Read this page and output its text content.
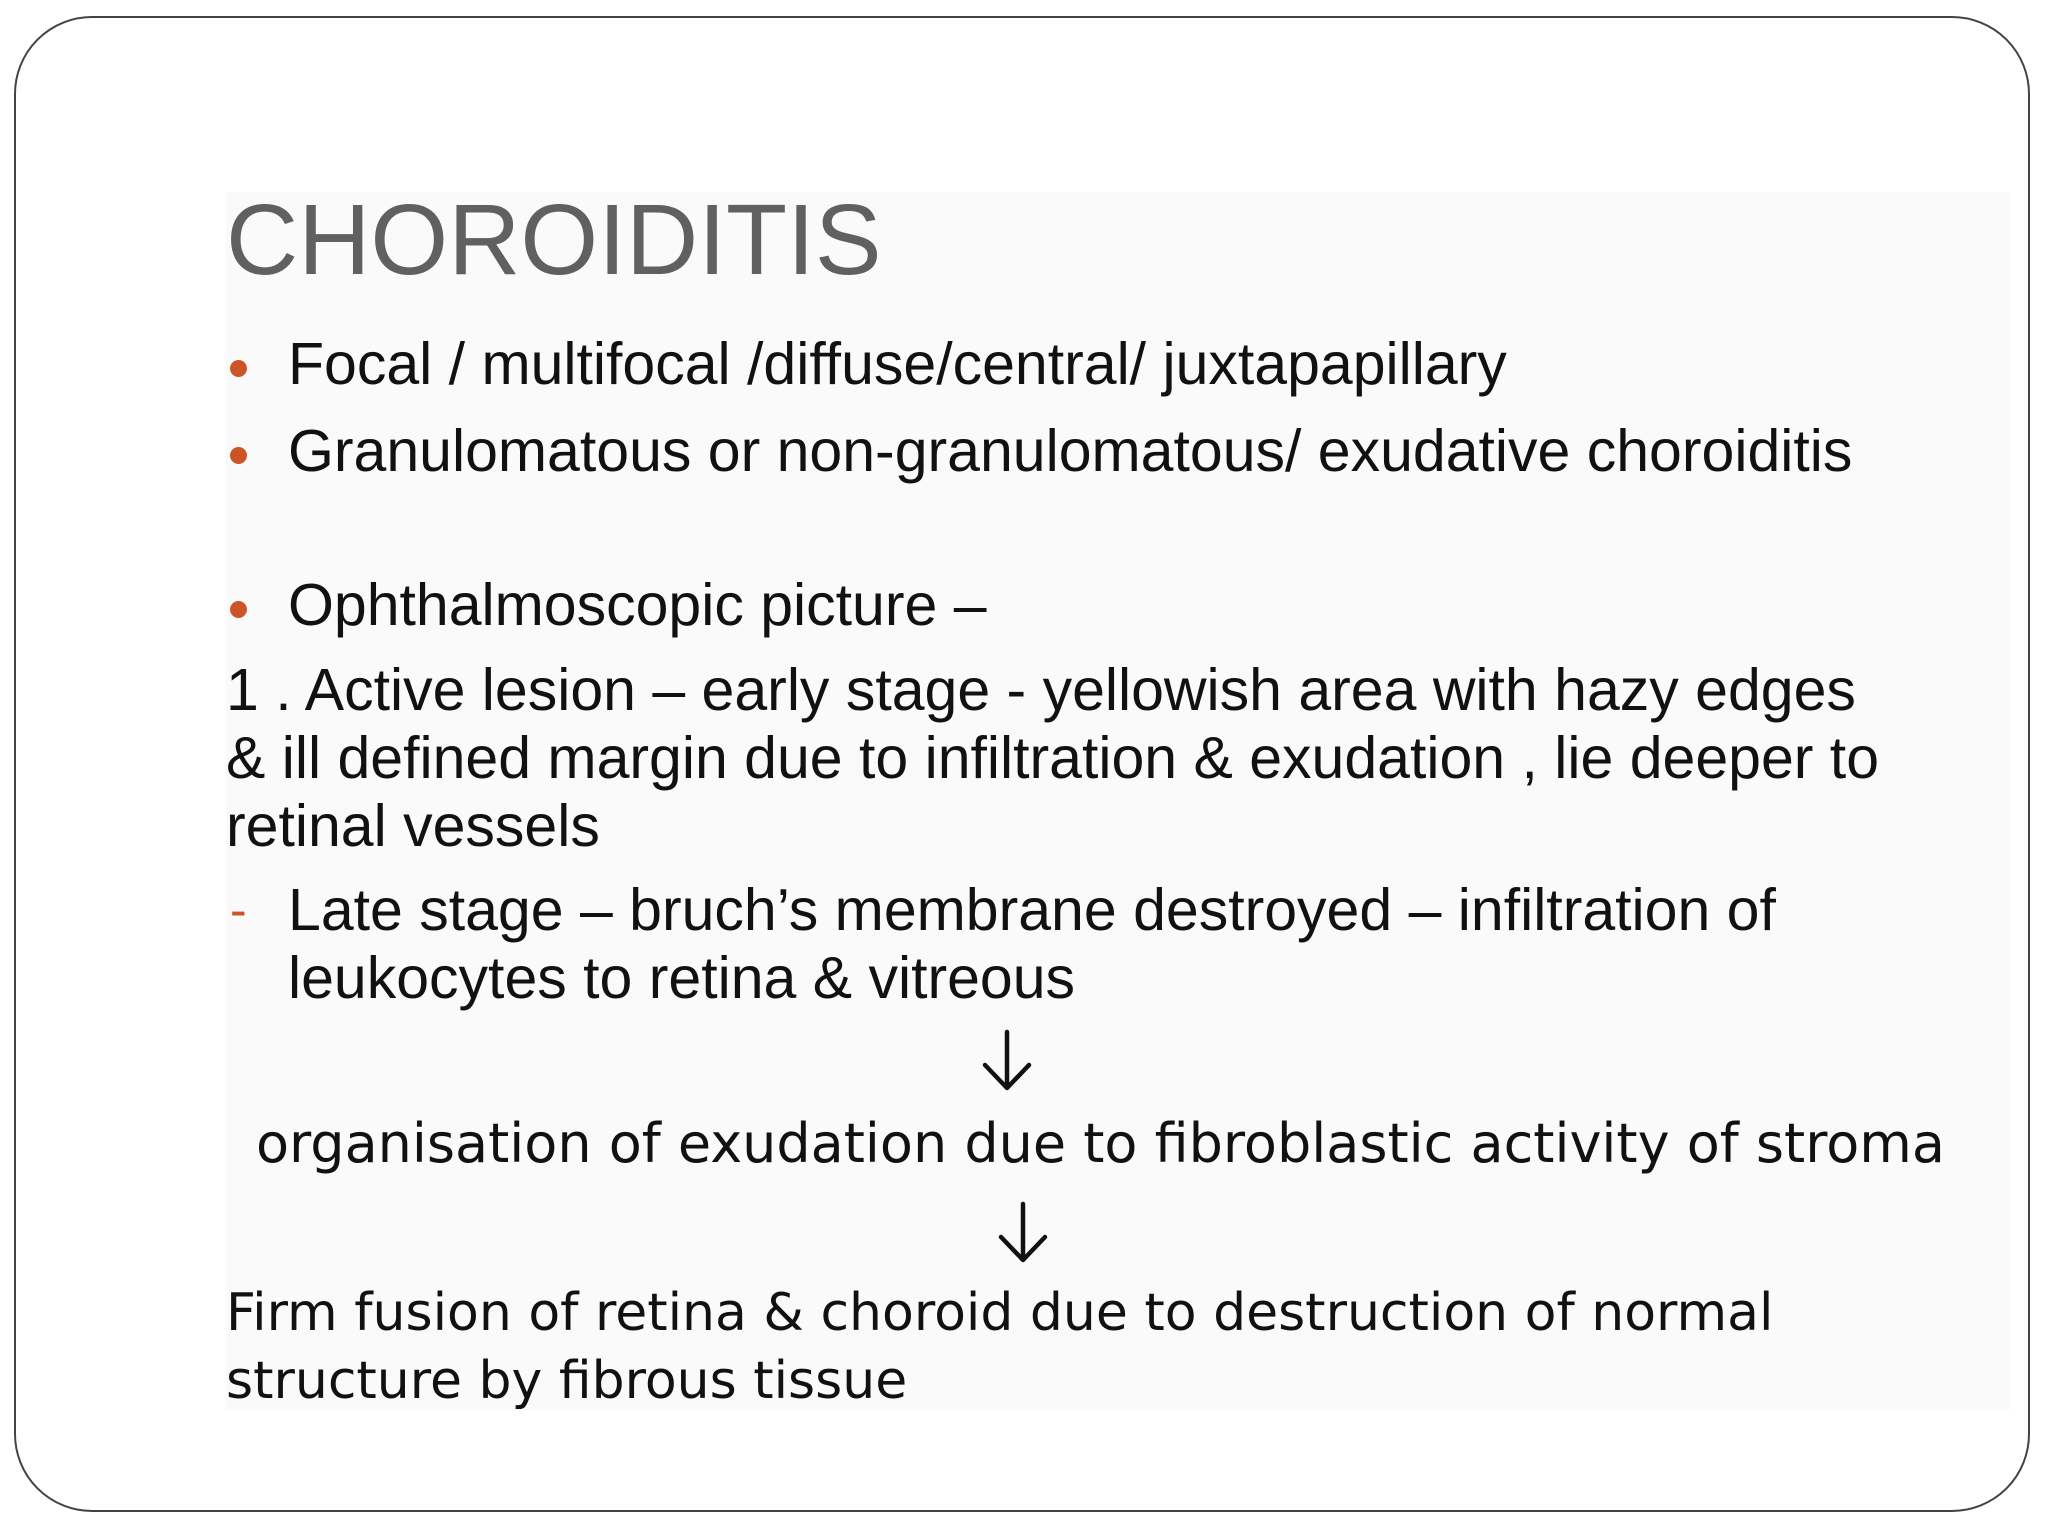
CHOROIDITIS
Focal / multifocal /diffuse/central/ juxtapapillary
Granulomatous or non-granulomatous/ exudative choroiditis
Ophthalmoscopic picture –

1 . Active lesion – early stage - yellowish area with hazy edges & ill defined margin due to infiltration & exudation , lie deeper to retinal vessels

- Late stage – bruch’s membrane destroyed – infiltration of leukocytes to retina & vitreous

organisation of exudation due to fibroblastic activity of stroma

Firm fusion of retina & choroid due to destruction of normal structure by fibrous tissue
